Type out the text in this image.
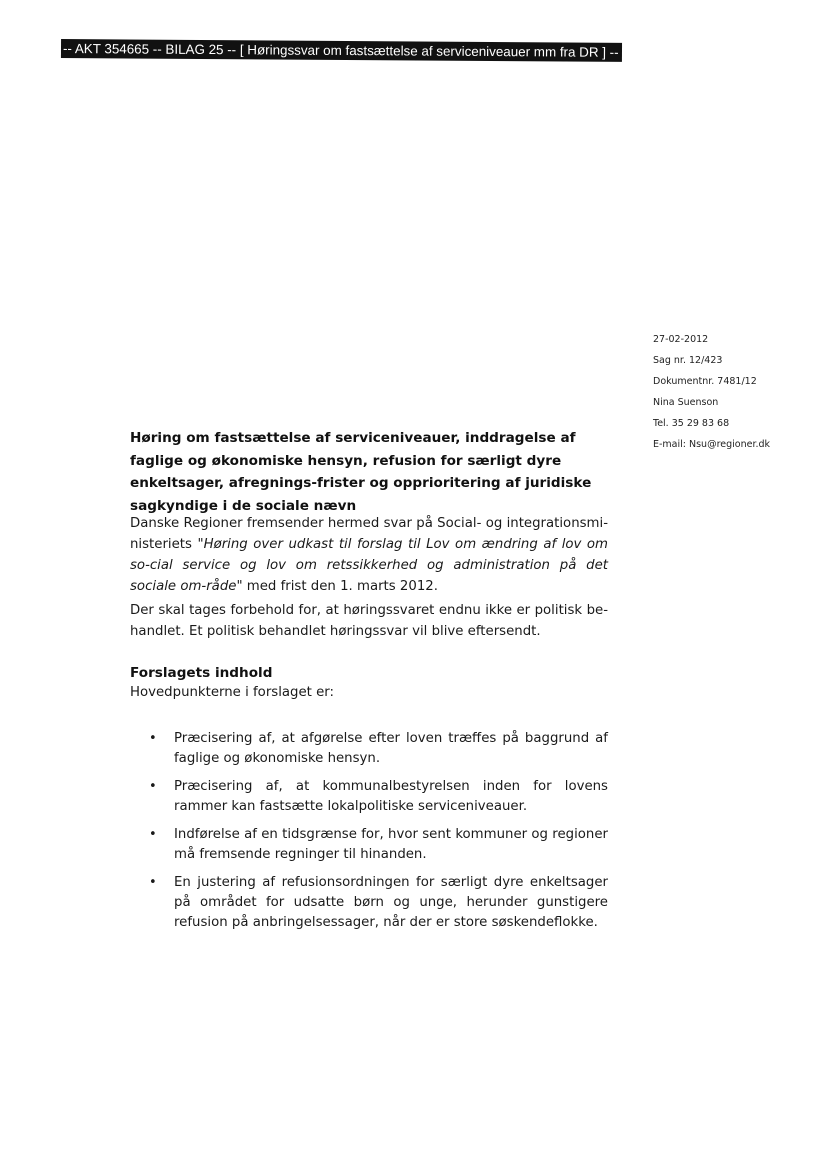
-- AKT 354665 -- BILAG 25 -- [ Høringssvar om fastsættelse af serviceniveauer mm fra DR ] --
27-02-2012
Sag nr. 12/423
Dokumentnr. 7481/12
Nina Suenson
Tel. 35 29 83 68
E-mail: Nsu@regioner.dk
Høring om fastsættelse af serviceniveauer, inddragelse af faglige og økonomiske hensyn, refusion for særligt dyre enkeltsager, afregnings-frister og opprioritering af juridiske sagkyndige i de sociale nævn
Danske Regioner fremsender hermed svar på Social- og integrationsmi-nisteriets "Høring over udkast til forslag til Lov om ændring af lov om so-cial service og lov om retssikkerhed og administration på det sociale om-råde" med frist den 1. marts 2012.
Der skal tages forbehold for, at høringssvaret endnu ikke er politisk be-handlet. Et politisk behandlet høringssvar vil blive eftersendt.
Forslagets indhold
Hovedpunkterne i forslaget er:
• Præcisering af, at afgørelse efter loven træffes på baggrund af faglige og økonomiske hensyn.
• Præcisering af, at kommunalbestyrelsen inden for lovens rammer kan fastsætte lokalpolitiske serviceniveauer.
• Indførelse af en tidsgrænse for, hvor sent kommuner og regioner må fremsende regninger til hinanden.
• En justering af refusionsordningen for særligt dyre enkeltsager på området for udsatte børn og unge, herunder gunstigere refusion på anbringelsessager, når der er store søskendeflokke.
